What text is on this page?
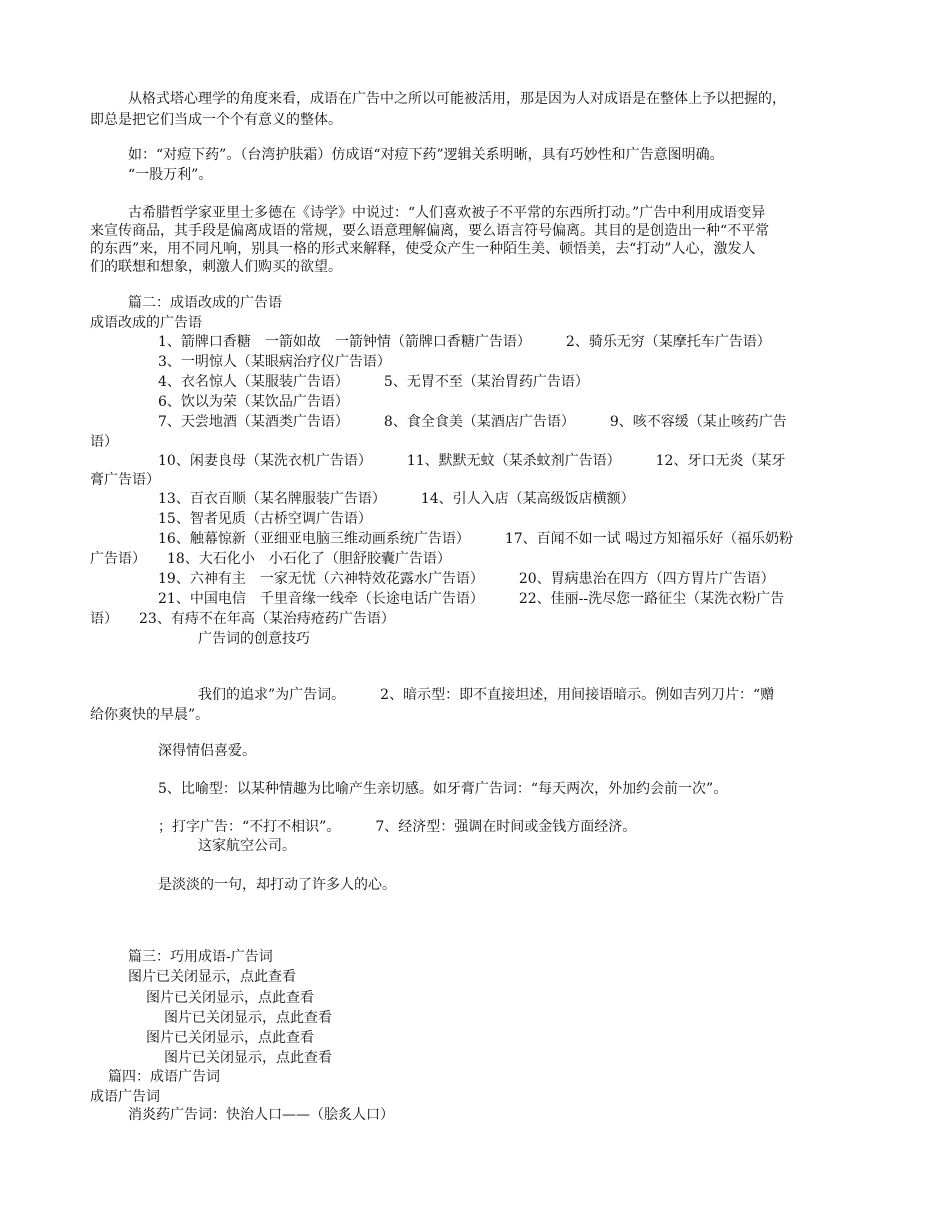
从格式塔心理学的角度来看，成语在广告中之所以可能被活用，那是因为人对成语是在整体上予以把握的，
即总是把它们当成一个个有意义的整体。
如：“对痘下药”。（台湾护肤霜）仿成语“对痘下药”逻辑关系明晰，具有巧妙性和广告意图明确。
“一股万利”。
古希腊哲学家亚里士多德在《诗学》中说过：“人们喜欢被子不平常的东西所打动。”广告中利用成语变异
来宣传商品，其手段是偏离成语的常规，要么语意理解偏离，要么语言符号偏离。其目的是创造出一种“不平常
的东西”来，用不同凡响，别具一格的形式来解释，使受众产生一种陌生美、顿悟美，去“打动”人心，激发人
们的联想和想象，刺激人们购买的欲望。
篇二：成语改成的广告语
成语改成的广告语
1、箭牌口香糖　一箭如故　一箭钟情（箭牌口香糖广告语）　　　2、骑乐无穷（某摩托车广告语）
3、一明惊人（某眼病治疗仪广告语）
4、衣名惊人（某服装广告语）　　　5、无胃不至（某治胃药广告语）
6、饮以为荣（某饮品广告语）
7、天尝地酒（某酒类广告语）　　　8、食全食美（某酒店广告语）　　　9、咳不容缓（某止咳药广告
语）
10、闲妻良母（某洗衣机广告语）　　　11、默默无蚊（某杀蚊剂广告语）　　　12、牙口无炎（某牙
膏广告语）
13、百衣百顺（某名牌服装广告语）　　　14、引人入店（某高级饭店横额）
15、智者见质（古桥空调广告语）
16、触幕惊新（亚细亚电脑三维动画系统广告语）　　　17、百闻不如一试 喝过方知福乐好（福乐奶粉
广告语）　　18、大石化小　小石化了（胆舒胶囊广告语）
19、六神有主　一家无忧（六神特效花露水广告语）　　　20、胃病患治在四方（四方胃片广告语）
21、中国电信　千里音缘一线牵（长途电话广告语）　　　22、佳丽--洗尽您一路征尘（某洗衣粉广告
语）　　23、有痔不在年高（某治痔疮药广告语）
广告词的创意技巧
我们的追求”为广告词。　　　2、暗示型：即不直接坦述，用间接语暗示。例如吉列刀片：“赠
给你爽快的早晨”。
深得情侣喜爱。
5、比喻型：以某种情趣为比喻产生亲切感。如牙膏广告词：“每天两次，外加约会前一次”。
；打字广告：“不打不相识”。　　　7、经济型：强调在时间或金钱方面经济。
这家航空公司。
是淡淡的一句，却打动了许多人的心。
篇三：巧用成语-广告词
图片已关闭显示，点此查看
图片已关闭显示，点此查看
图片已关闭显示，点此查看
图片已关闭显示，点此查看
图片已关闭显示，点此查看
篇四：成语广告词
成语广告词
消炎药广告词：快治人口——（脍炙人口）
